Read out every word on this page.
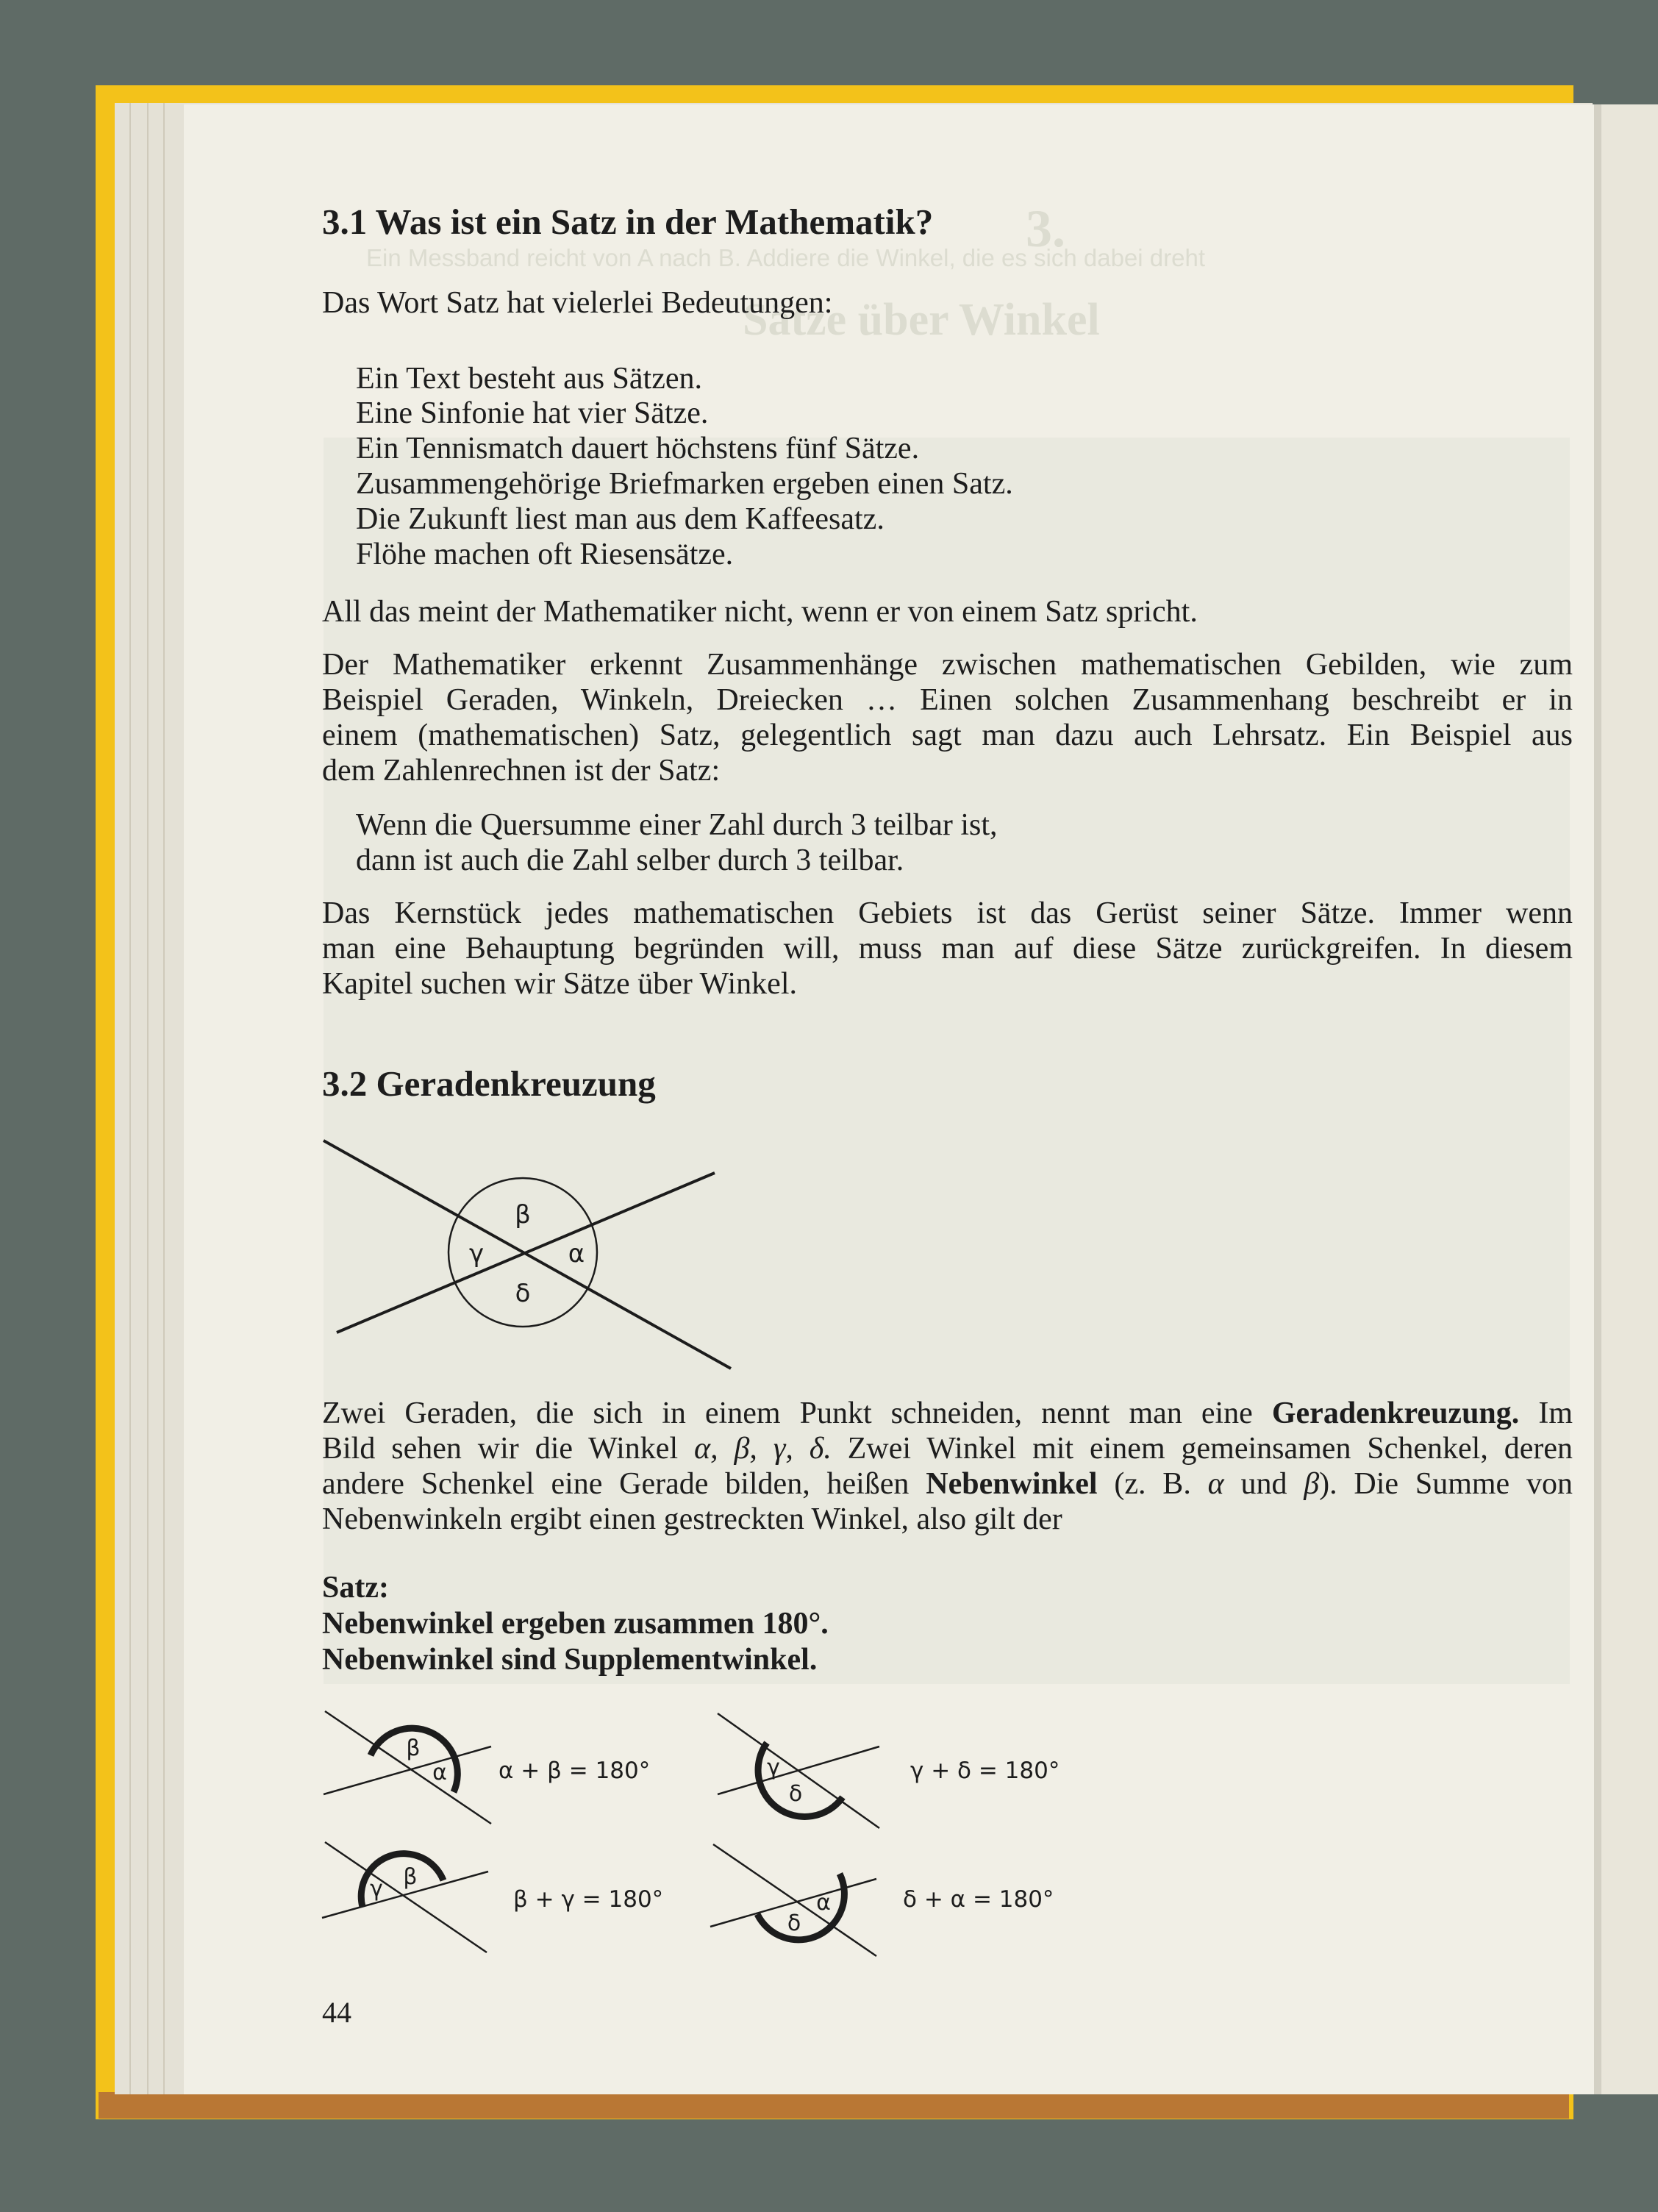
3.
Ein Messband reicht von A nach B. Addiere die Winkel, die es sich dabei dreht
Sätze über Winkel
3.1 Was ist ein Satz in der Mathematik?
Das Wort Satz hat vielerlei Bedeutungen:
Ein Text besteht aus Sätzen.
Eine Sinfonie hat vier Sätze.
Ein Tennismatch dauert höchstens fünf Sätze.
Zusammengehörige Briefmarken ergeben einen Satz.
Die Zukunft liest man aus dem Kaffeesatz.
Flöhe machen oft Riesensätze.
All das meint der Mathematiker nicht, wenn er von einem Satz spricht.
Der Mathematiker erkennt Zusammenhänge zwischen mathematischen Gebilden, wie zum
Beispiel Geraden, Winkeln, Dreiecken … Einen solchen Zusammenhang beschreibt er in
einem (mathematischen) Satz, gelegentlich sagt man dazu auch Lehrsatz. Ein Beispiel aus
dem Zahlenrechnen ist der Satz:
Wenn die Quersumme einer Zahl durch 3 teilbar ist,
dann ist auch die Zahl selber durch 3 teilbar.
Das Kernstück jedes mathematischen Gebiets ist das Gerüst seiner Sätze. Immer wenn
man eine Behauptung begründen will, muss man auf diese Sätze zurückgreifen. In diesem
Kapitel suchen wir Sätze über Winkel.
3.2 Geradenkreuzung
β
γ	α
δ
Zwei Geraden, die sich in einem Punkt schneiden, nennt man eine Geradenkreuzung. Im
Bild sehen wir die Winkel α, β, γ, δ. Zwei Winkel mit einem gemeinsamen Schenkel, deren
andere Schenkel eine Gerade bilden, heißen Nebenwinkel (z. B. α und β). Die Summe von
Nebenwinkeln ergibt einen gestreckten Winkel, also gilt der
Satz:
Nebenwinkel ergeben zusammen 180°.
Nebenwinkel sind Supplementwinkel.
β
α	γ
δ
γ β
α
δ
α + β = 180°	γ + δ = 180°
β + γ = 180°	δ + α = 180°
44
